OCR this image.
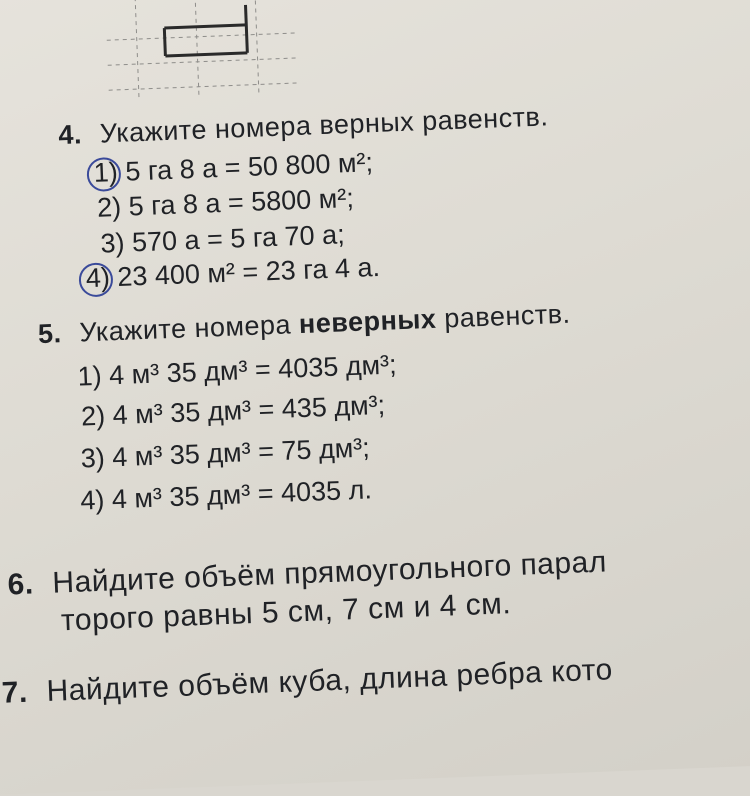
4. Укажите номера верных равенств.
1) 5 га 8 а = 50 800 м²;
2) 5 га 8 а = 5800 м²;
3) 570 а = 5 га 70 а;
4) 23 400 м² = 23 га 4 а.
5. Укажите номера неверных равенств.
1) 4 м³ 35 дм³ = 4035 дм³;
2) 4 м³ 35 дм³ = 435 дм³;
3) 4 м³ 35 дм³ = 75 дм³;
4) 4 м³ 35 дм³ = 4035 л.
6. Найдите объём прямоугольного парал
торого равны 5 см, 7 см и 4 см.
7. Найдите объём куба, длина ребра кото
